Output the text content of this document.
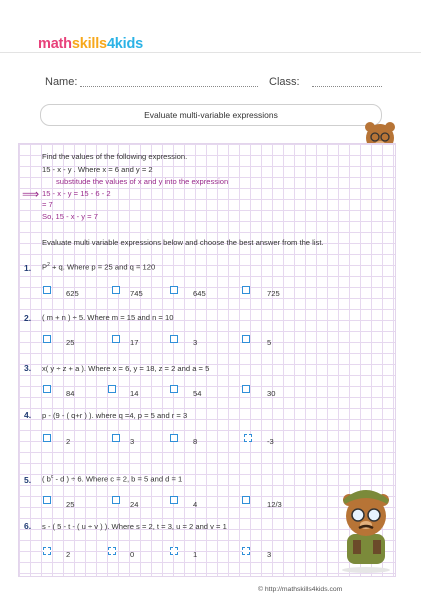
mathskills4kids
Name:	Class:
Evaluate multi-variable expressions
Find the values of the following expression.
15 - x - y . Where x = 6 and y = 2
substitude the values of x and y into the expression
⟹ 15 - x - y = 15 - 6 - 2
= 7
So, 15 - x - y = 7
Evaluate multi variable expressions below and choose the best answer from the list.
1. $P^2 + q$. Where p = 25 and q = 120
625	745	645	725
2. ( m + n ) ÷ 5. Where m = 15 and n = 10
25	17	3	5
3. x( y ÷ z + a ). Where x = 6, y = 18, z = 2 and a = 5
84	14	54	30
4. p - (9 - ( q+r ) ). where q =4, p = 5 and r = 3
2	3	8	-3
5. ( $b^c$ - d ) ÷ 6. Where c = 2, b = 5 and d = 1
25	24	4	12/3
6. s - ( 5 - t - ( u ÷ v ) ). Where s = 2, t = 3, u = 2 and v = 1
2	0	1	3
© http://mathskills4kids.com
